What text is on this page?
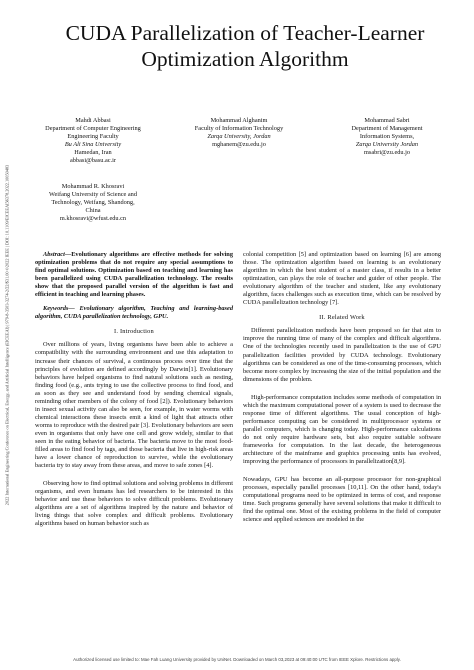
2022 International Engineering Conference on Electrical, Energy, and Artificial Intelligence (EICEEAI) | 979-8-3503-3274-2/22/$31.00 ©2022 IEEE | DOI: 10.1109/EICEEAI56378.2022.10050483
CUDA Parallelization of Teacher-Learner
Optimization Algorithm
Mahdi Abbasi
Department of Computer Engineering
Engineering Faculty
Bu Ali Sina University
Hamedan, Iran
abbasi@basu.ac.ir
Mohammad Alghanim
Faculty of Information Technology
Zarqa University, Jordan
mghanem@zu.edu.jo
Mohammad Sabri
Department of Management
Information Systems,
Zarqa University Jordan
msabri@zu.edu.jo
Mohammad R. Khosravi
Weifang University of Science and
Technology, Weifang, Shandong,
China
m.khosravi@wfust.edu.cn

Abstract—Evolutionary algorithms are effective methods for solving optimization problems that do not require any special assumptions to find optimal solutions. Optimization based on teaching and learning has been parallelized using CUDA parallelization technology. The results show that the proposed parallel version of the algorithm is fast and efficient in teaching and learning phases.

Keywords— Evolutionary algorithm, Teaching and learning-based algorithm, CUDA parallelization technology, GPU.

I. Introduction

Over millions of years, living organisms have been able to achieve a compatibility with the surrounding environment and use this adaptation to increase their chances of survival, a continuous process over time that the principles of evolution are defined accordingly by Darwin[1]. Evolutionary behaviors have helped organisms to find natural solutions such as nesting, finding food (e.g., ants trying to use the collective process to find food, and as soon as they see and understand food by sending chemical signals, reminding other members of the colony of food [2]). Evolutionary behaviors in insect sexual activity can also be seen, for example, in water worms with chemical interactions these insects emit a kind of light that attracts other worms to reproduce with the desired pair [3]. Evolutionary behaviors are seen even in organisms that only have one cell and grow widely, similar to that seen in the eating behavior of bacteria. The bacteria move to the most food-filled areas to find food by tags, and those bacteria that live in high-risk areas have a lower chance of reproduction to survive, while the evolutionary bacteria try to stay away from these areas, and move to safe zones [4].

Observing how to find optimal solutions and solving problems in different organisms, and even humans has led researchers to be interested in this behavior and use these behaviors to solve difficult problems. Evolutionary algorithms are a set of algorithms inspired by the nature and behavior of living things that solve complex and difficult problems. Evolutionary algorithms based on human behavior such as

colonial competition [5] and optimization based on learning [6] are among those. The optimization algorithm based on learning is an evolutionary algorithm in which the best student of a master class, if results in a better optimization, can plays the role of teacher and guider of other people. The evolutionary algorithm of the teacher and student, like any evolutionary algorithm, faces challenges such as execution time, which can be resolved by CUDA parallelization technology [7].

II. Related Work

Different parallelization methods have been proposed so far that aim to improve the running time of many of the complex and difficult algorithms. One of the technologies recently used in parallelization is the use of GPU parallelization facilities provided by CUDA technology. Evolutionary algorithms can be considered as one of the time-consuming processes, which become more complex by increasing the size of the initial population and the dimensions of the problem.

High-performance computation includes some methods of computation in which the maximum computational power of a system is used to decrease the response time of different algorithms. The usual conception of high-performance computing can be considered in multiprocessor systems or parallel computers, which is changing today. High-performance calculations do not only require hardware sets, but also require suitable software frameworks for computation. In the last decade, the heterogeneous architecture of the mainframe and graphics processing units has evolved, improving the performance of processors in parallelization[8,9].

Nowadays, GPU has become an all-purpose processor for non-graphical processes, especially parallel processes [10,11]. On the other hand, today's computational programs need to be optimized in terms of cost, and response time. Such programs generally have several solutions that make it difficult to find the optimal one. Most of the existing problems in the field of computer science and applied sciences are modeled in the

Authorized licensed use limited to: Mae Fah Luang University provided by UniNet. Downloaded on March 03,2023 at 09:40:00 UTC from IEEE Xplore. Restrictions apply.
